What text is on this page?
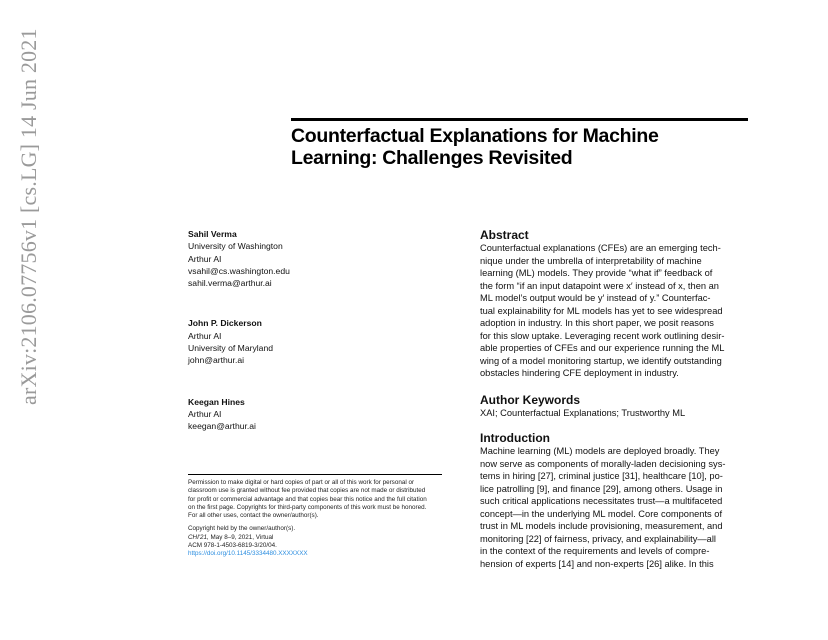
arXiv:2106.07756v1 [cs.LG] 14 Jun 2021	Counterfactual Explanations for Machine
Learning: Challenges Revisited
Sahil Verma
University of Washington
Arthur AI
vsahil@cs.washington.edu
sahil.verma@arthur.ai
John P. Dickerson
Arthur AI
University of Maryland
john@arthur.ai
Keegan Hines
Arthur AI
keegan@arthur.ai
Permission to make digital or hard copies of part or all of this work for personal or
classroom use is granted without fee provided that copies are not made or distributed
for profit or commercial advantage and that copies bear this notice and the full citation
on the first page. Copyrights for third-party components of this work must be honored.
For all other uses, contact the owner/author(s).
Copyright held by the owner/author(s).
CHI'21, May 8–9, 2021, Virtual
ACM 978-1-4503-6819-3/20/04.
https://doi.org/10.1145/3334480.XXXXXXX
Abstract

Counterfactual explanations (CFEs) are an emerging tech-
nique under the umbrella of interpretability of machine
learning (ML) models. They provide “what if” feedback of
the form “if an input datapoint were x′ instead of x, then an
ML model’s output would be y′ instead of y.” Counterfac-
tual explainability for ML models has yet to see widespread
adoption in industry. In this short paper, we posit reasons
for this slow uptake. Leveraging recent work outlining desir-
able properties of CFEs and our experience running the ML
wing of a model monitoring startup, we identify outstanding
obstacles hindering CFE deployment in industry.

Author Keywords

XAI; Counterfactual Explanations; Trustworthy ML

Introduction

Machine learning (ML) models are deployed broadly. They
now serve as components of morally-laden decisioning sys-
tems in hiring [27], criminal justice [31], healthcare [10], po-
lice patrolling [9], and finance [29], among others. Usage in
such critical applications necessitates trust—a multifaceted
concept—in the underlying ML model. Core components of
trust in ML models include provisioning, measurement, and
monitoring [22] of fairness, privacy, and explainability—all
in the context of the requirements and levels of compre-
hension of experts [14] and non-experts [26] alike. In this
